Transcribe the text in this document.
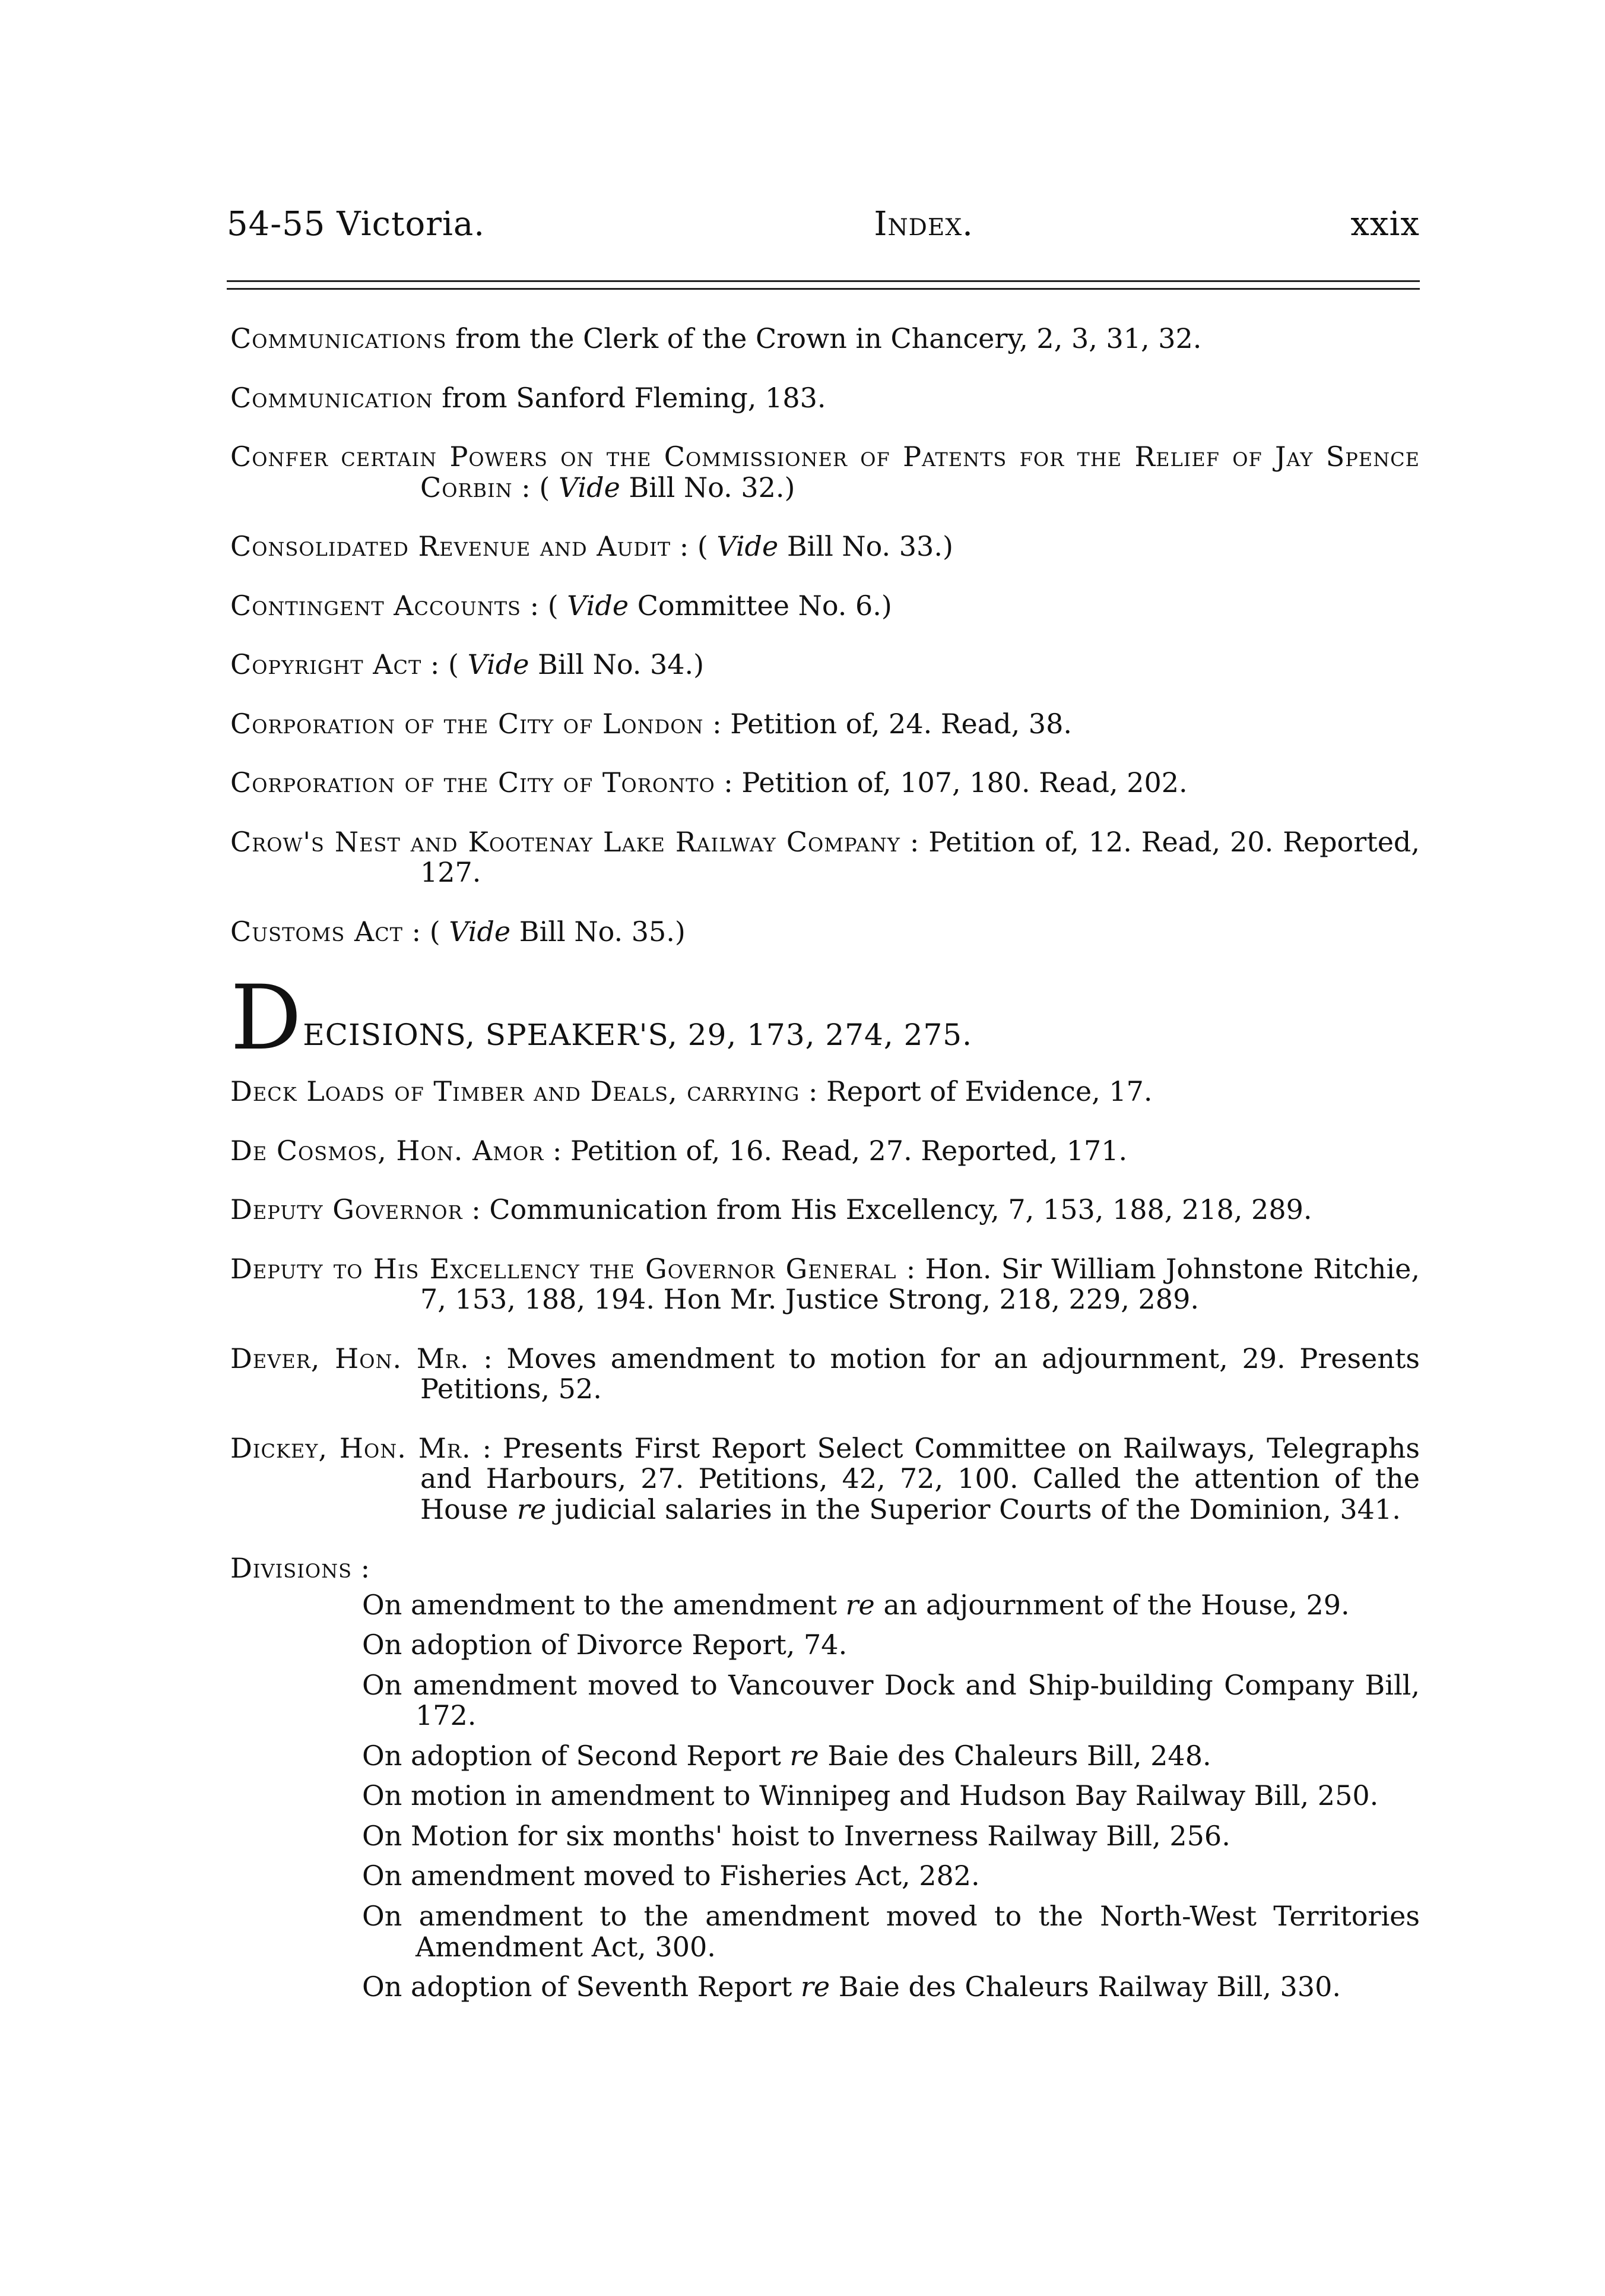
54-55 Victoria.	Index.	xxix

Communications from the Clerk of the Crown in Chancery, 2, 3, 31, 32.

Communication from Sanford Fleming, 183.

Confer certain Powers on the Commissioner of Patents for the Relief of Jay Spence Corbin : ( Vide Bill No. 32.)

Consolidated Revenue and Audit : ( Vide Bill No. 33.)

Contingent Accounts : ( Vide Committee No. 6.)

Copyright Act : ( Vide Bill No. 34.)

Corporation of the City of London : Petition of, 24. Read, 38.

Corporation of the City of Toronto : Petition of, 107, 180. Read, 202.

Crow's Nest and Kootenay Lake Railway Company : Petition of, 12. Read, 20. Reported, 127.

Customs Act : ( Vide Bill No. 35.)

D ECISIONS, SPEAKER'S, 29, 173, 274, 275.

Deck Loads of Timber and Deals, carrying : Report of Evidence, 17.

De Cosmos, Hon. Amor : Petition of, 16. Read, 27. Reported, 171.

Deputy Governor : Communication from His Excellency, 7, 153, 188, 218, 289.

Deputy to His Excellency the Governor General : Hon. Sir William Johnstone Ritchie, 7, 153, 188, 194. Hon Mr. Justice Strong, 218, 229, 289.

Dever, Hon. Mr. : Moves amendment to motion for an adjournment, 29. Presents Petitions, 52.

Dickey, Hon. Mr. : Presents First Report Select Committee on Railways, Telegraphs and Harbours, 27. Petitions, 42, 72, 100. Called the attention of the House re judicial salaries in the Superior Courts of the Dominion, 341.

Divisions :

On amendment to the amendment re an adjournment of the House, 29.

On adoption of Divorce Report, 74.

On amendment moved to Vancouver Dock and Ship-building Company Bill, 172.

On adoption of Second Report re Baie des Chaleurs Bill, 248.

On motion in amendment to Winnipeg and Hudson Bay Railway Bill, 250.

On Motion for six months' hoist to Inverness Railway Bill, 256.

On amendment moved to Fisheries Act, 282.

On amendment to the amendment moved to the North-West Territories Amendment Act, 300.

On adoption of Seventh Report re Baie des Chaleurs Railway Bill, 330.
